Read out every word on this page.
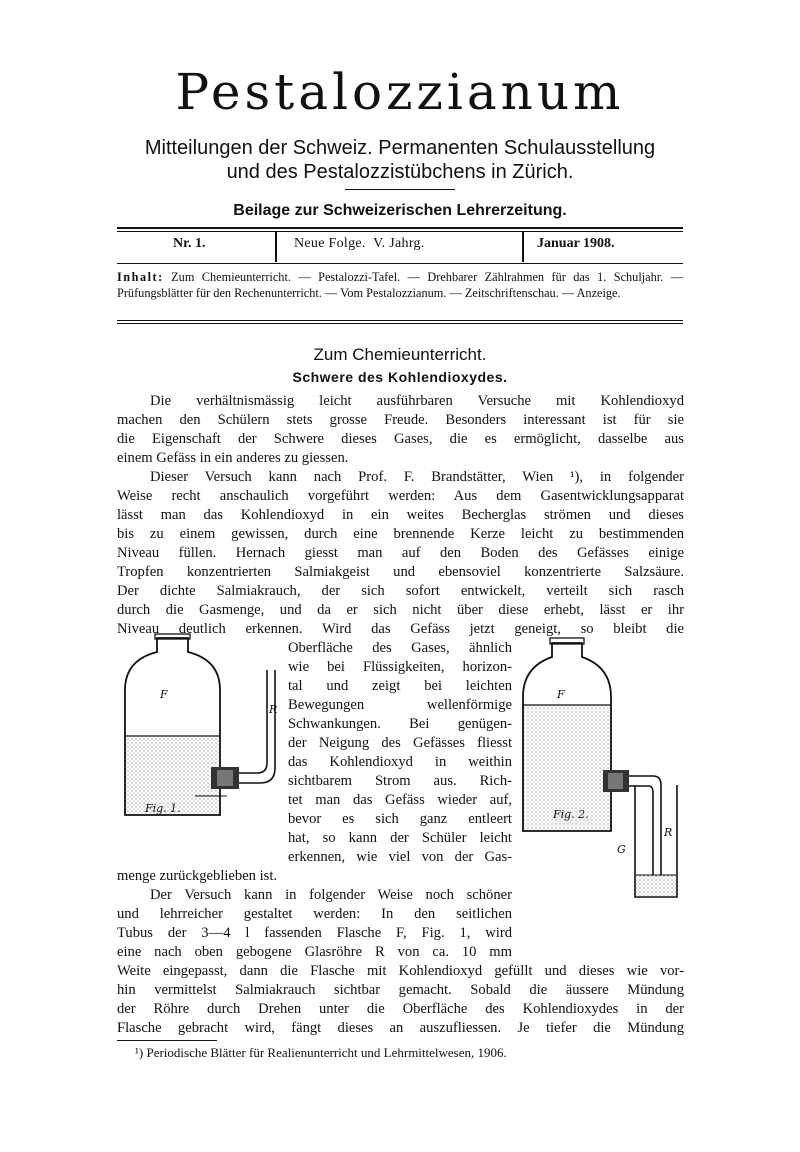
Pestalozzianum
Mitteilungen der Schweiz. Permanenten Schulausstellung
und des Pestalozzistübchens in Zürich.
Beilage zur Schweizerischen Lehrerzeitung.
Nr. 1.	Neue Folge.  V. Jahrg.	Januar 1908.
Inhalt: Zum Chemieunterricht. — Pestalozzi-Tafel. — Drehbarer Zählrahmen für das 1. Schuljahr. — Prüfungsblätter für den Rechenunterricht. — Vom Pestalozzianum. — Zeitschriftenschau. — Anzeige.
Zum Chemieunterricht.
Schwere des Kohlendioxydes.
Die verhältnismässig leicht ausführbaren Versuche mit Kohlendioxyd
machen den Schülern stets grosse Freude. Besonders interessant ist für sie
die Eigenschaft der Schwere dieses Gases, die es ermöglicht, dasselbe aus
einem Gefäss in ein anderes zu giessen.
Dieser Versuch kann nach Prof. F. Brandstätter, Wien ¹), in folgender
Weise recht anschaulich vorgeführt werden: Aus dem Gasentwicklungsapparat
lässt man das Kohlendioxyd in ein weites Becherglas strömen und dieses
bis zu einem gewissen, durch eine brennende Kerze leicht zu bestimmenden
Niveau füllen. Hernach giesst man auf den Boden des Gefässes einige
Tropfen konzentrierten Salmiakgeist und ebensoviel konzentrierte Salzsäure.
Der dichte Salmiakrauch, der sich sofort entwickelt, verteilt sich rasch
durch die Gasmenge, und da er sich nicht über diese erhebt, lässt er ihr
Niveau deutlich erkennen. Wird das Gefäss jetzt geneigt, so bleibt die
Oberfläche des Gases, ähnlich
wie bei Flüssigkeiten, horizon-
tal und zeigt bei leichten
Bewegungen wellenförmige
Schwankungen. Bei genügen-
der Neigung des Gefässes fliesst
das Kohlendioxyd in weithin
sichtbarem Strom aus. Rich-
tet man das Gefäss wieder auf,
bevor es sich ganz entleert
hat, so kann der Schüler leicht
erkennen, wie viel von der Gas-
menge zurückgeblieben ist.
Der Versuch kann in folgender Weise noch schöner
und lehrreicher gestaltet werden: In den seitlichen
Tubus der 3—4 l fassenden Flasche F, Fig. 1, wird
eine nach oben gebogene Glasröhre R von ca. 10 mm
Weite eingepasst, dann die Flasche mit Kohlendioxyd gefüllt und dieses wie vor-
hin vermittelst Salmiakrauch sichtbar gemacht. Sobald die äussere Mündung
der Röhre durch Drehen unter die Oberfläche des Kohlendioxydes in der
Flasche gebracht wird, fängt dieses an auszufliessen. Je tiefer die Mündung
F
R
Fig. 1.
F
R
G
Fig. 2.
¹) Periodische Blätter für Realienunterricht und Lehrmittelwesen, 1906.
